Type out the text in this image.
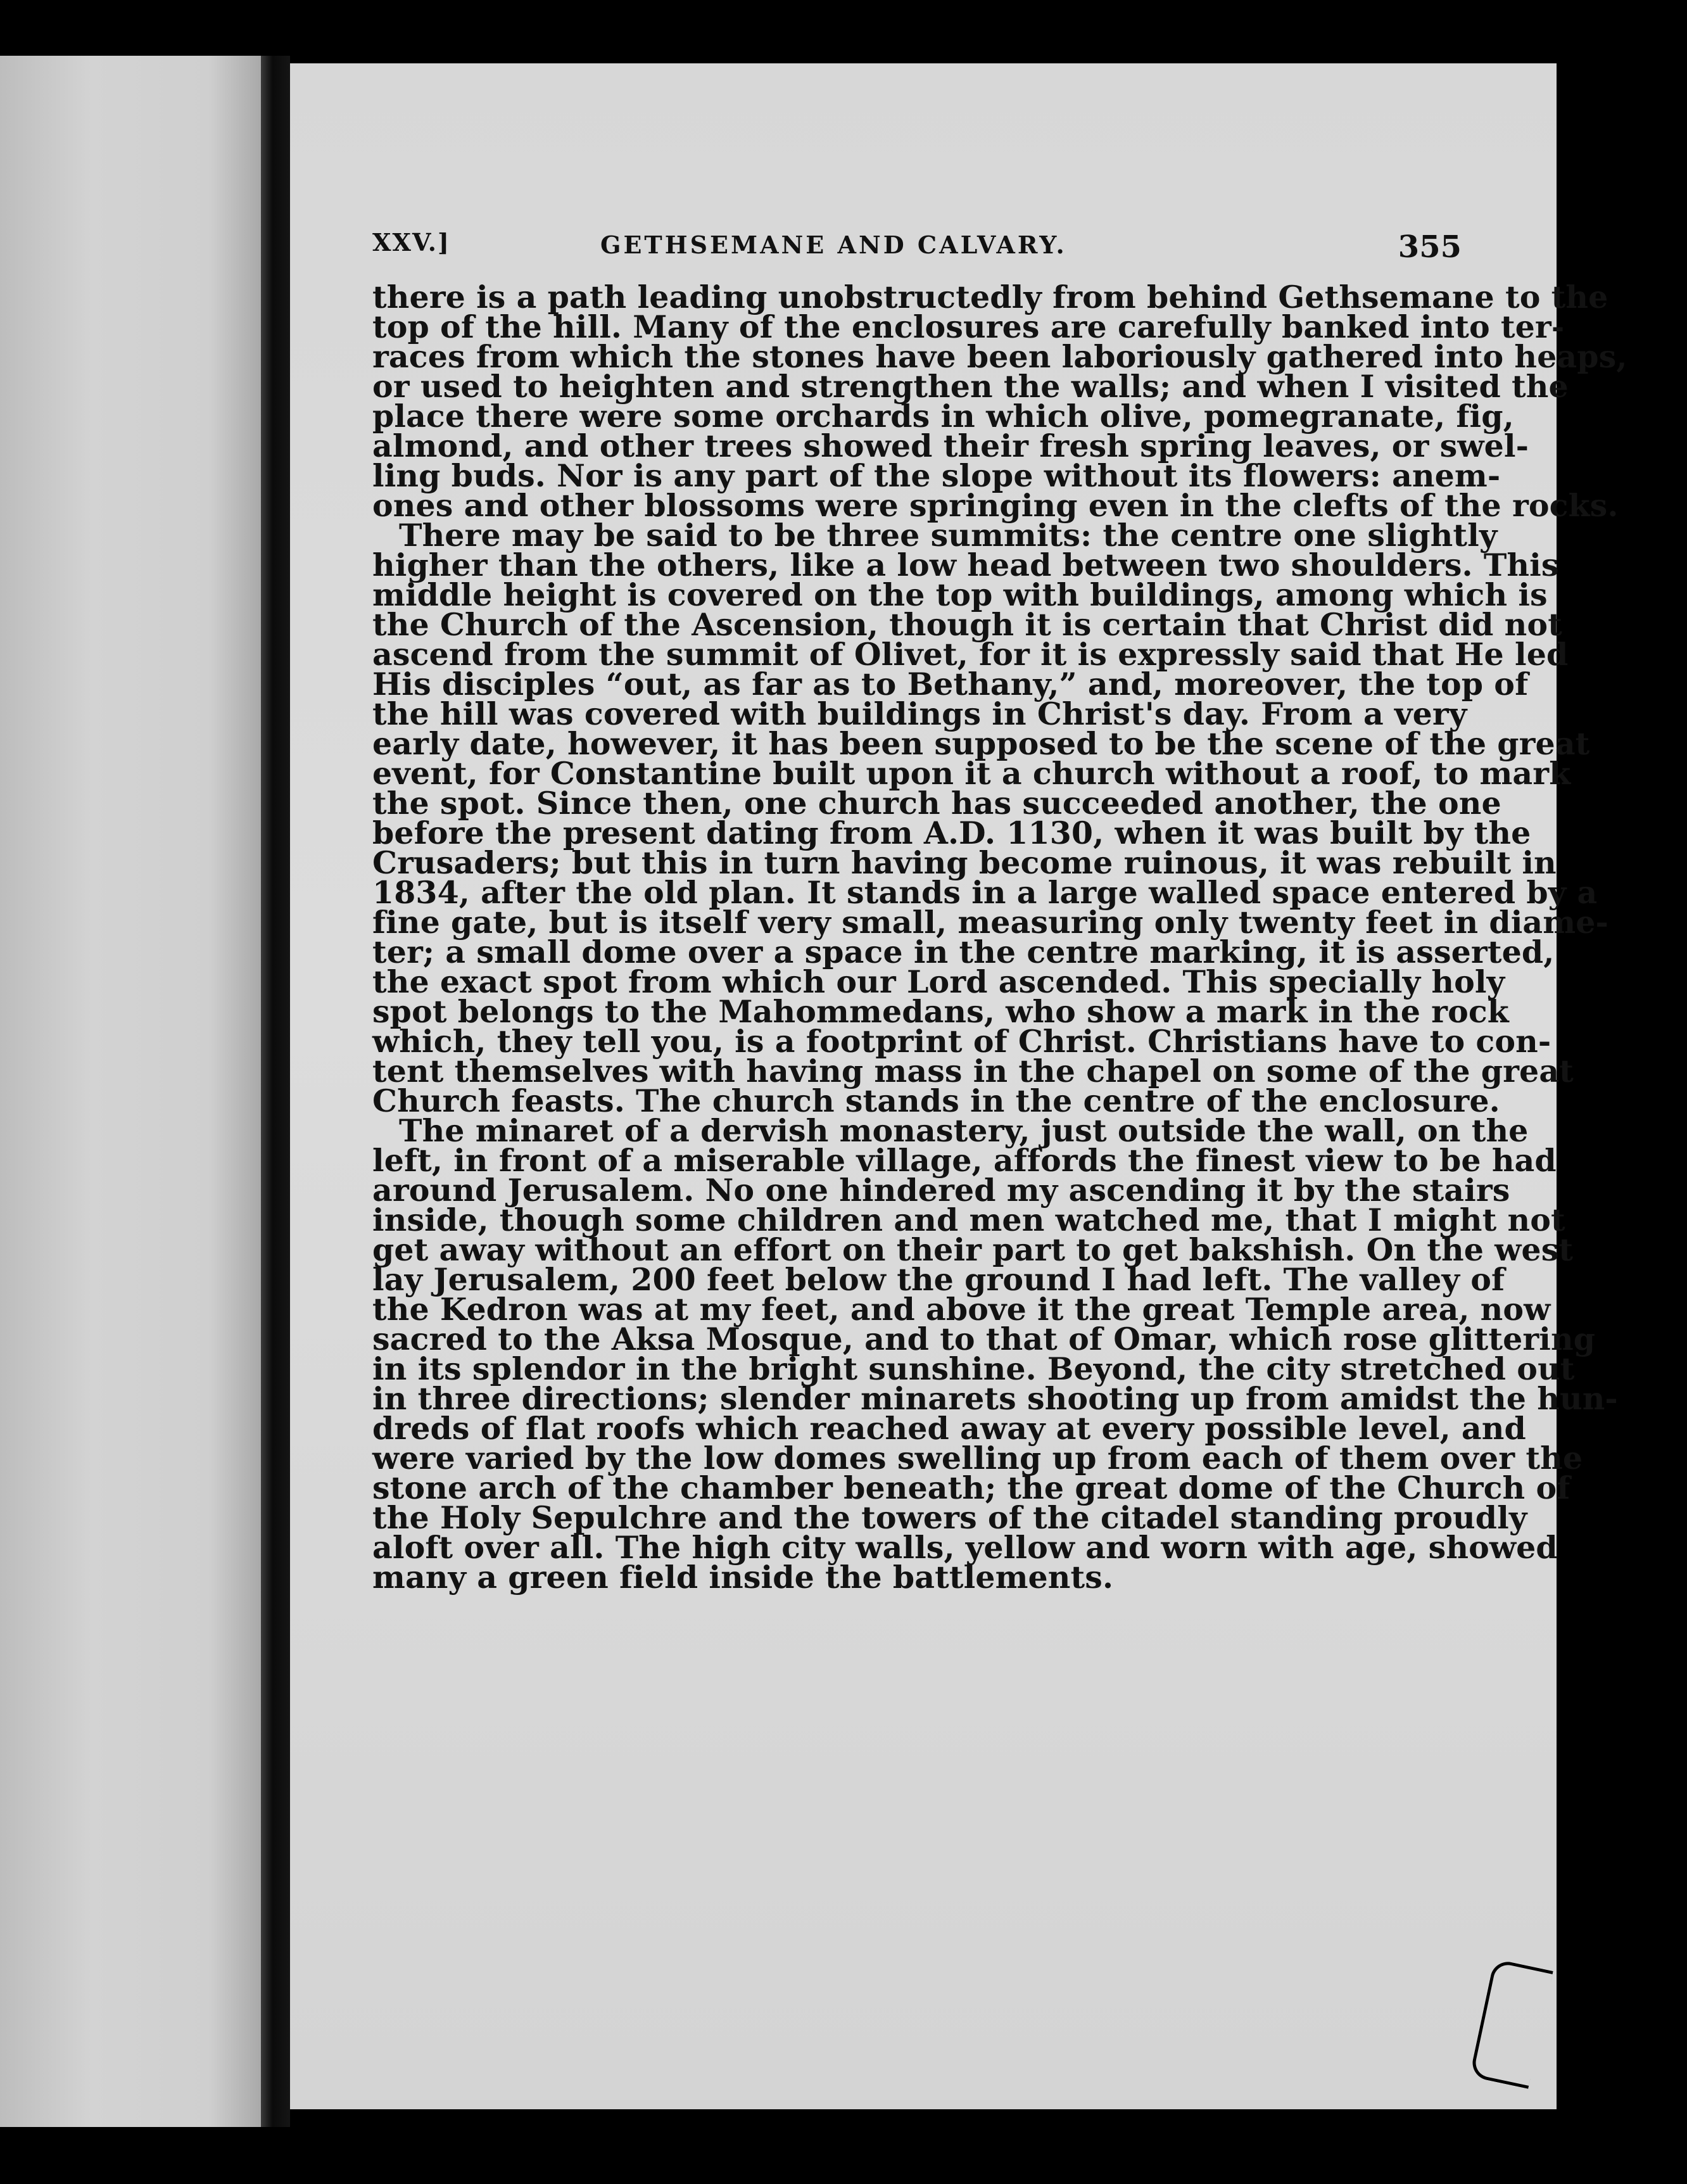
XXV.]	GETHSEMANE AND CALVARY.	355
there is a path leading unobstructedly from behind Gethsemane to the
top of the hill. Many of the enclosures are carefully banked into ter-
races from which the stones have been laboriously gathered into heaps,
or used to heighten and strengthen the walls; and when I visited the
place there were some orchards in which olive, pomegranate, fig,
almond, and other trees showed their fresh spring leaves, or swel-
ling buds. Nor is any part of the slope without its flowers: anem-
ones and other blossoms were springing even in the clefts of the rocks.
There may be said to be three summits: the centre one slightly
higher than the others, like a low head between two shoulders. This
middle height is covered on the top with buildings, among which is
the Church of the Ascension, though it is certain that Christ did not
ascend from the summit of Olivet, for it is expressly said that He led
His disciples “out, as far as to Bethany,” and, moreover, the top of
the hill was covered with buildings in Christ's day. From a very
early date, however, it has been supposed to be the scene of the great
event, for Constantine built upon it a church without a roof, to mark
the spot. Since then, one church has succeeded another, the one
before the present dating from A.D. 1130, when it was built by the
Crusaders; but this in turn having become ruinous, it was rebuilt in
1834, after the old plan. It stands in a large walled space entered by a
fine gate, but is itself very small, measuring only twenty feet in diame-
ter; a small dome over a space in the centre marking, it is asserted,
the exact spot from which our Lord ascended. This specially holy
spot belongs to the Mahommedans, who show a mark in the rock
which, they tell you, is a footprint of Christ. Christians have to con-
tent themselves with having mass in the chapel on some of the great
Church feasts. The church stands in the centre of the enclosure.
The minaret of a dervish monastery, just outside the wall, on the
left, in front of a miserable village, affords the finest view to be had
around Jerusalem. No one hindered my ascending it by the stairs
inside, though some children and men watched me, that I might not
get away without an effort on their part to get bakshish. On the west
lay Jerusalem, 200 feet below the ground I had left. The valley of
the Kedron was at my feet, and above it the great Temple area, now
sacred to the Aksa Mosque, and to that of Omar, which rose glittering
in its splendor in the bright sunshine. Beyond, the city stretched out
in three directions; slender minarets shooting up from amidst the hun-
dreds of flat roofs which reached away at every possible level, and
were varied by the low domes swelling up from each of them over the
stone arch of the chamber beneath; the great dome of the Church of
the Holy Sepulchre and the towers of the citadel standing proudly
aloft over all. The high city walls, yellow and worn with age, showed
many a green field inside the battlements.
